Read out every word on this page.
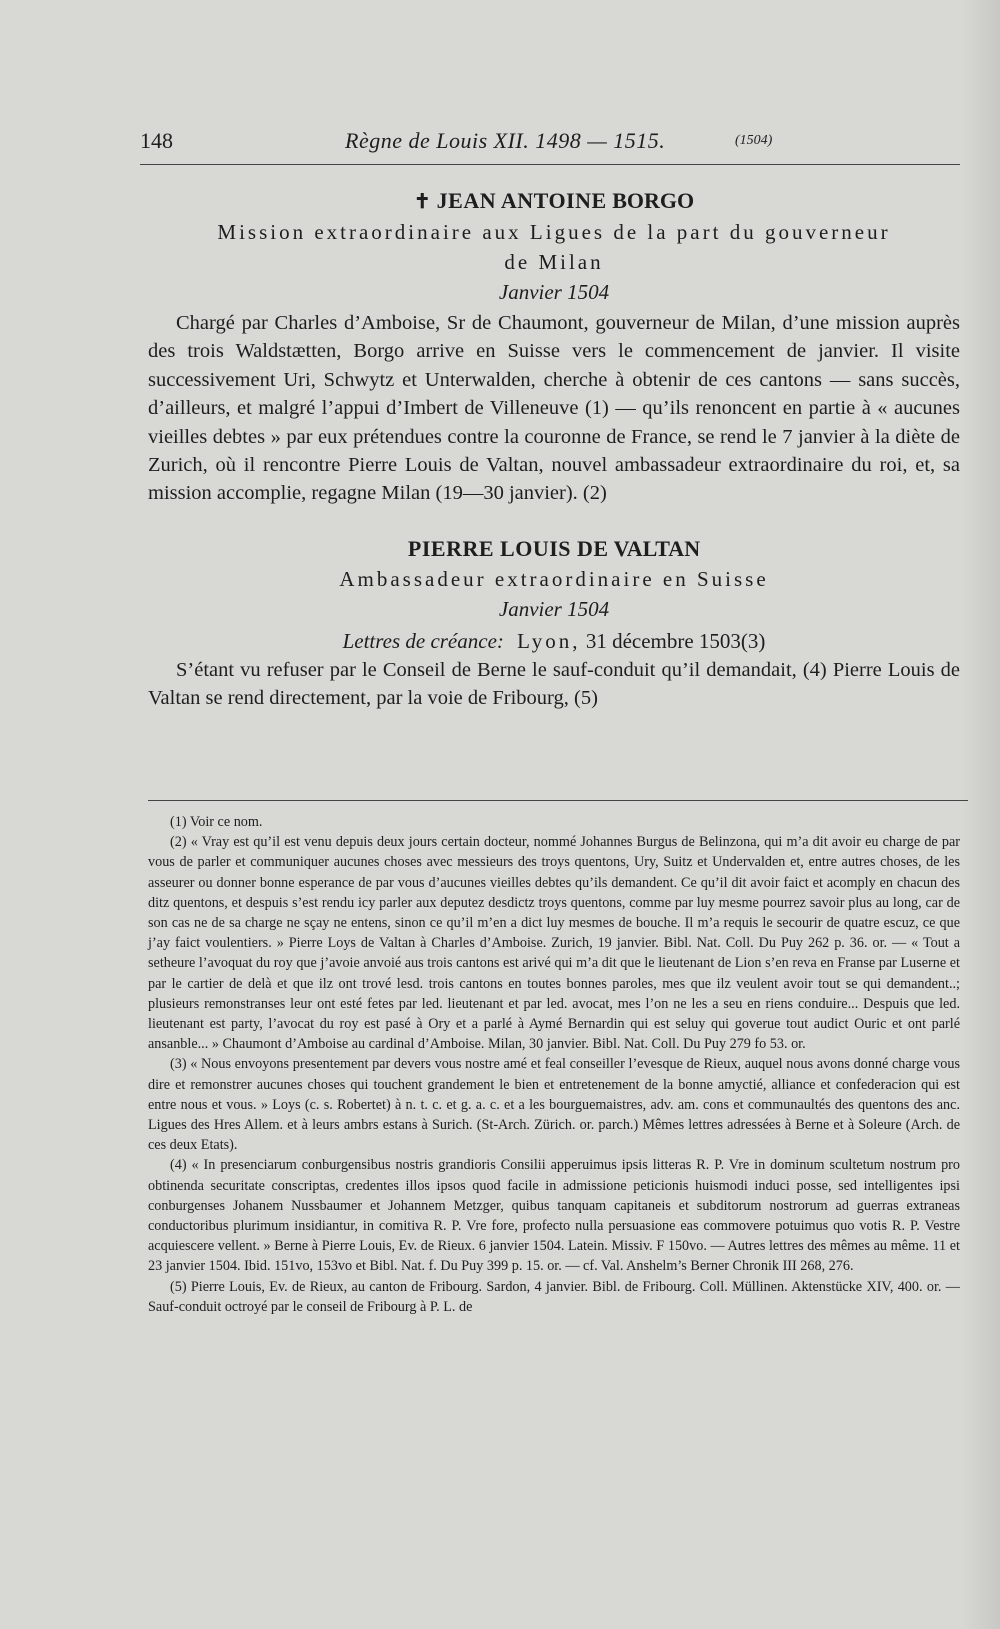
148	Règne de Louis XII. 1498 — 1515.	(1504)
✝ JEAN ANTOINE BORGO

Mission extraordinaire aux Ligues de la part du gouverneur

de Milan

Janvier 1504

Chargé par Charles d’Amboise, Sr de Chaumont, gouverneur de Milan, d’une mission auprès des trois Waldstætten, Borgo arrive en Suisse vers le commencement de janvier. Il visite successivement Uri, Schwytz et Unterwalden, cherche à obtenir de ces cantons — sans succès, d’ailleurs, et malgré l’appui d’Imbert de Villeneuve (1) — qu’ils renoncent en partie à « aucunes vieilles debtes » par eux prétendues contre la couronne de France, se rend le 7 janvier à la diète de Zurich, où il rencontre Pierre Louis de Valtan, nouvel ambassadeur extraordinaire du roi, et, sa mission accomplie, regagne Milan (19—30 janvier). (2)

PIERRE LOUIS DE VALTAN

Ambassadeur extraordinaire en Suisse

Janvier 1504

Lettres de créance: Lyon, 31 décembre 1503(3)

S’étant vu refuser par le Conseil de Berne le sauf-conduit qu’il demandait, (4) Pierre Louis de Valtan se rend directement, par la voie de Fribourg, (5)

(1) Voir ce nom.

(2) « Vray est qu’il est venu depuis deux jours certain docteur, nommé Johannes Burgus de Belinzona, qui m’a dit avoir eu charge de par vous de parler et communiquer aucunes choses avec messieurs des troys quentons, Ury, Suitz et Undervalden et, entre autres choses, de les asseurer ou donner bonne esperance de par vous d’aucunes vieilles debtes qu’ils demandent. Ce qu’il dit avoir faict et acomply en chacun des ditz quentons, et despuis s’est rendu icy parler aux deputez desdictz troys quentons, comme par luy mesme pourrez savoir plus au long, car de son cas ne de sa charge ne sçay ne entens, sinon ce qu’il m’en a dict luy mesmes de bouche. Il m’a requis le secourir de quatre escuz, ce que j’ay faict voulentiers. » Pierre Loys de Valtan à Charles d’Amboise. Zurich, 19 janvier. Bibl. Nat. Coll. Du Puy 262 p. 36. or. — « Tout a setheure l’avoquat du roy que j’avoie anvoié aus trois cantons est arivé qui m’a dit que le lieutenant de Lion s’en reva en Franse par Luserne et par le cartier de delà et que ilz ont trové lesd. trois cantons en toutes bonnes paroles, mes que ilz veulent avoir tout se qui demandent..; plusieurs remonstranses leur ont esté fetes par led. lieutenant et par led. avocat, mes l’on ne les a seu en riens conduire... Despuis que led. lieutenant est party, l’avocat du roy est pasé à Ory et a parlé à Aymé Bernardin qui est seluy qui goverue tout audict Ouric et ont parlé ansanble... » Chaumont d’Amboise au cardinal d’Amboise. Milan, 30 janvier. Bibl. Nat. Coll. Du Puy 279 fo 53. or.

(3) « Nous envoyons presentement par devers vous nostre amé et feal conseiller l’evesque de Rieux, auquel nous avons donné charge vous dire et remonstrer aucunes choses qui touchent grandement le bien et entretenement de la bonne amyctié, alliance et confederacion qui est entre nous et vous. » Loys (c. s. Robertet) à n. t. c. et g. a. c. et a les bourguemaistres, adv. am. cons et communaultés des quentons des anc. Ligues des Hres Allem. et à leurs ambrs estans à Surich. (St-Arch. Zürich. or. parch.) Mêmes lettres adressées à Berne et à Soleure (Arch. de ces deux Etats).

(4) « In presenciarum conburgensibus nostris grandioris Consilii apperuimus ipsis litteras R. P. Vre in dominum scultetum nostrum pro obtinenda securitate conscriptas, credentes illos ipsos quod facile in admissione peticionis huismodi induci posse, sed intelligentes ipsi conburgenses Johanem Nussbaumer et Johannem Metzger, quibus tanquam capitaneis et subditorum nostrorum ad guerras extraneas conductoribus plurimum insidiantur, in comitiva R. P. Vre fore, profecto nulla persuasione eas commovere potuimus quo votis R. P. Vestre acquiescere vellent. » Berne à Pierre Louis, Ev. de Rieux. 6 janvier 1504. Latein. Missiv. F 150vo. — Autres lettres des mêmes au même. 11 et 23 janvier 1504. Ibid. 151vo, 153vo et Bibl. Nat. f. Du Puy 399 p. 15. or. — cf. Val. Anshelm’s Berner Chronik III 268, 276.

(5) Pierre Louis, Ev. de Rieux, au canton de Fribourg. Sardon, 4 janvier. Bibl. de Fribourg. Coll. Müllinen. Aktenstücke XIV, 400. or. — Sauf-conduit octroyé par le conseil de Fribourg à P. L. de
